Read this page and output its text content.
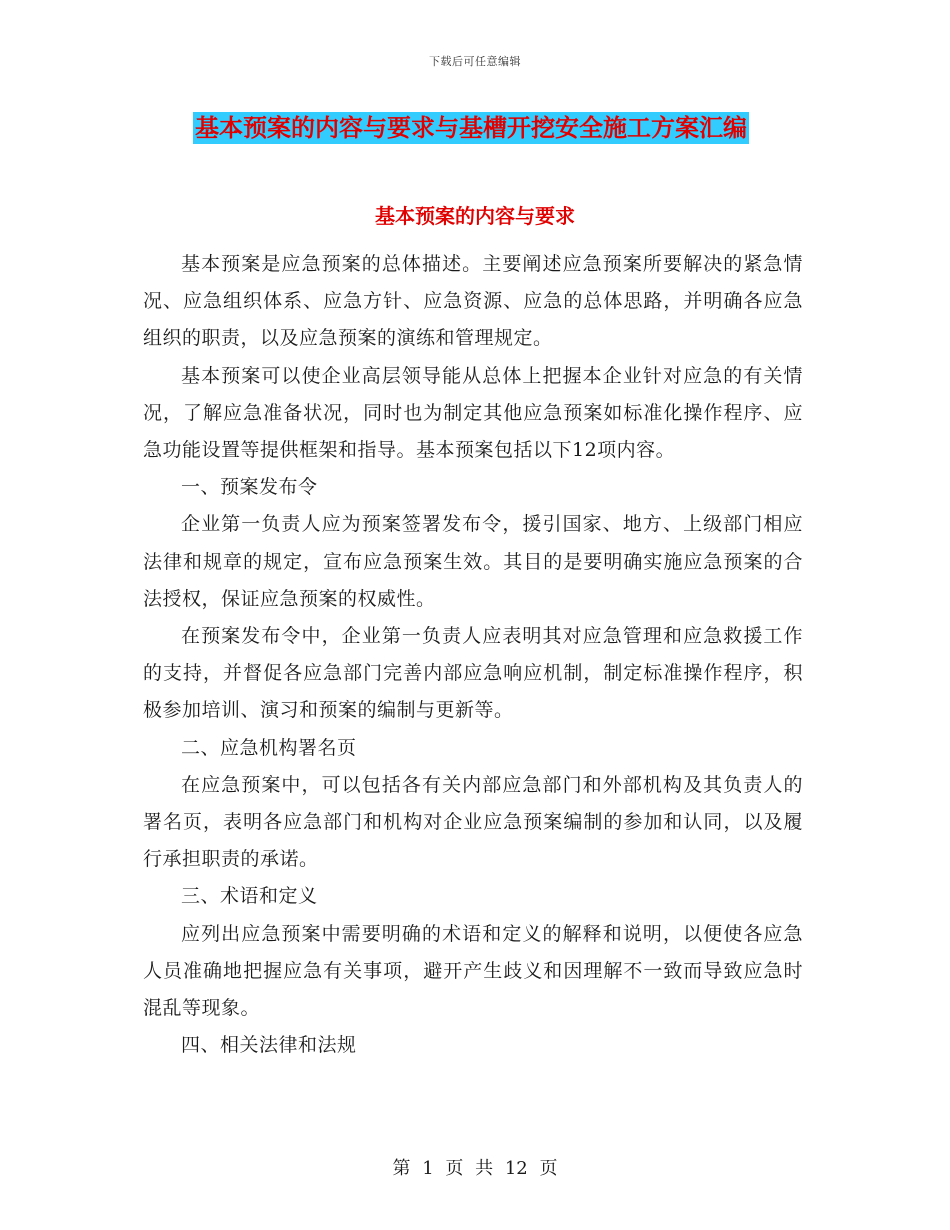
下载后可任意编辑
基本预案的内容与要求与基槽开挖安全施工方案汇编
基本预案的内容与要求

基本预案是应急预案的总体描述。主要阐述应急预案所要解决的紧急情况、应急组织体系、应急方针、应急资源、应急的总体思路，并明确各应急组织的职责，以及应急预案的演练和管理规定。

基本预案可以使企业高层领导能从总体上把握本企业针对应急的有关情况，了解应急准备状况，同时也为制定其他应急预案如标准化操作程序、应急功能设置等提供框架和指导。基本预案包括以下12项内容。

一、预案发布令

企业第一负责人应为预案签署发布令，援引国家、地方、上级部门相应法律和规章的规定，宣布应急预案生效。其目的是要明确实施应急预案的合法授权，保证应急预案的权威性。

在预案发布令中，企业第一负责人应表明其对应急管理和应急救援工作的支持，并督促各应急部门完善内部应急响应机制，制定标准操作程序，积极参加培训、演习和预案的编制与更新等。

二、应急机构署名页

在应急预案中，可以包括各有关内部应急部门和外部机构及其负责人的署名页，表明各应急部门和机构对企业应急预案编制的参加和认同，以及履行承担职责的承诺。

三、术语和定义

应列出应急预案中需要明确的术语和定义的解释和说明，以便使各应急人员准确地把握应急有关事项，避开产生歧义和因理解不一致而导致应急时混乱等现象。

四、相关法律和法规

第 1 页 共 12 页
